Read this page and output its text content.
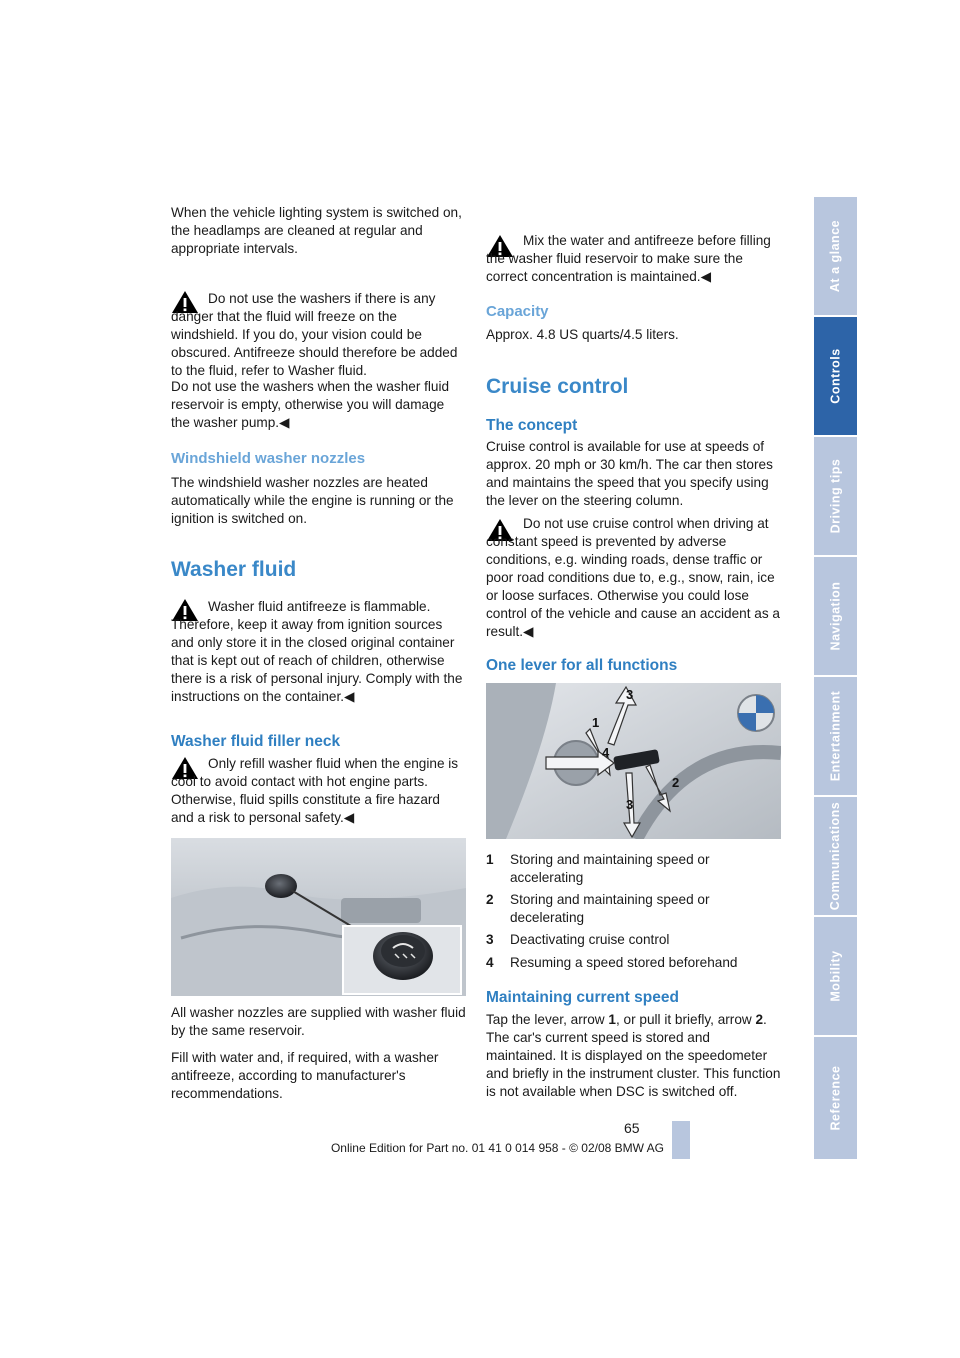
When the vehicle lighting system is switched on, the headlamps are cleaned at regular and appropriate intervals.

Do not use the washers if there is any danger that the fluid will freeze on the windshield. If you do, your vision could be obscured. Antifreeze should therefore be added to the fluid, refer to Washer fluid.

Do not use the washers when the washer fluid reservoir is empty, otherwise you will damage the washer pump.◀

Windshield washer nozzles

The windshield washer nozzles are heated automatically while the engine is running or the ignition is switched on.

Washer fluid

Washer fluid antifreeze is flammable. Therefore, keep it away from ignition sources and only store it in the closed original container that is kept out of reach of children, otherwise there is a risk of personal injury. Comply with the instructions on the container.◀

Washer fluid filler neck

Only refill washer fluid when the engine is cool to avoid contact with hot engine parts. Otherwise, fluid spills constitute a fire hazard and a risk to personal safety.◀

All washer nozzles are supplied with washer fluid by the same reservoir.

Fill with water and, if required, with a washer antifreeze, according to manufacturer's recommendations.

Mix the water and antifreeze before filling the washer fluid reservoir to make sure the correct concentration is maintained.◀

Capacity

Approx. 4.8 US quarts/4.5 liters.

Cruise control
The concept

Cruise control is available for use at speeds of approx. 20 mph or 30 km/h. The car then stores and maintains the speed that you specify using the lever on the steering column.

Do not use cruise control when driving at constant speed is prevented by adverse conditions, e.g. winding roads, dense traffic or poor road conditions due to, e.g., snow, rain, ice or loose surfaces. Otherwise you could lose control of the vehicle and cause an accident as a result.◀

One lever for all functions
3
1
4
2
3

1 Storing and maintaining speed or accelerating

2 Storing and maintaining speed or decelerating

3 Deactivating cruise control

4 Resuming a speed stored beforehand

Maintaining current speed

Tap the lever, arrow 1, or pull it briefly, arrow 2. The car's current speed is stored and maintained. It is displayed on the speedometer and briefly in the instrument cluster. This function is not available when DSC is switched off.

At a glance
Controls
Driving tips
Navigation
Entertainment
Communications
Mobility
Reference
65
Online Edition for Part no. 01 41 0 014 958 - © 02/08 BMW AG
